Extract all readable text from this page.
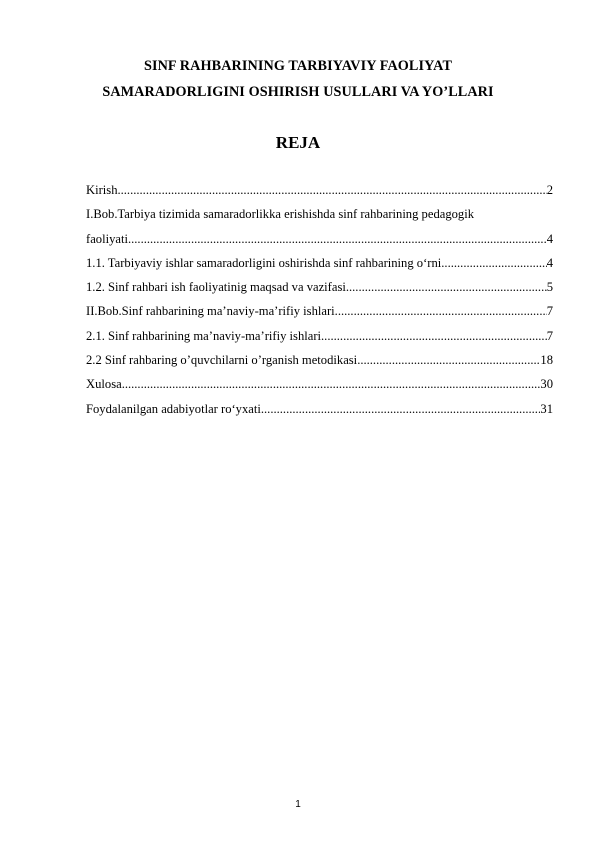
SINF RAHBARINING TARBIYAVIY FAOLIYAT
SAMARADORLIGINI OSHIRISH USULLARI VA YO’LLARI
REJA
Kirish .....	2
I.Bob.Tarbiya tizimida samaradorlikka erishishda sinf rahbarining pedagogik
faoliyati .....	4
1.1. Tarbiyaviy ishlar samaradorligini oshirishda sinf rahbarining o‘rni .....	4
1.2. Sinf rahbari ish faoliyatinig maqsad va vazifasi .....	5
II.Bob.Sinf rahbarining ma’naviy-ma’rifiy ishlari .....	7
2.1. Sinf rahbarining ma’naviy-ma’rifiy ishlari .....	7
2.2 Sinf rahbaring o’quvchilarni o’rganish metodikasi .....	18
Xulosa .....	30
Foydalanilgan adabiyotlar ro‘yxati .....	31
1
